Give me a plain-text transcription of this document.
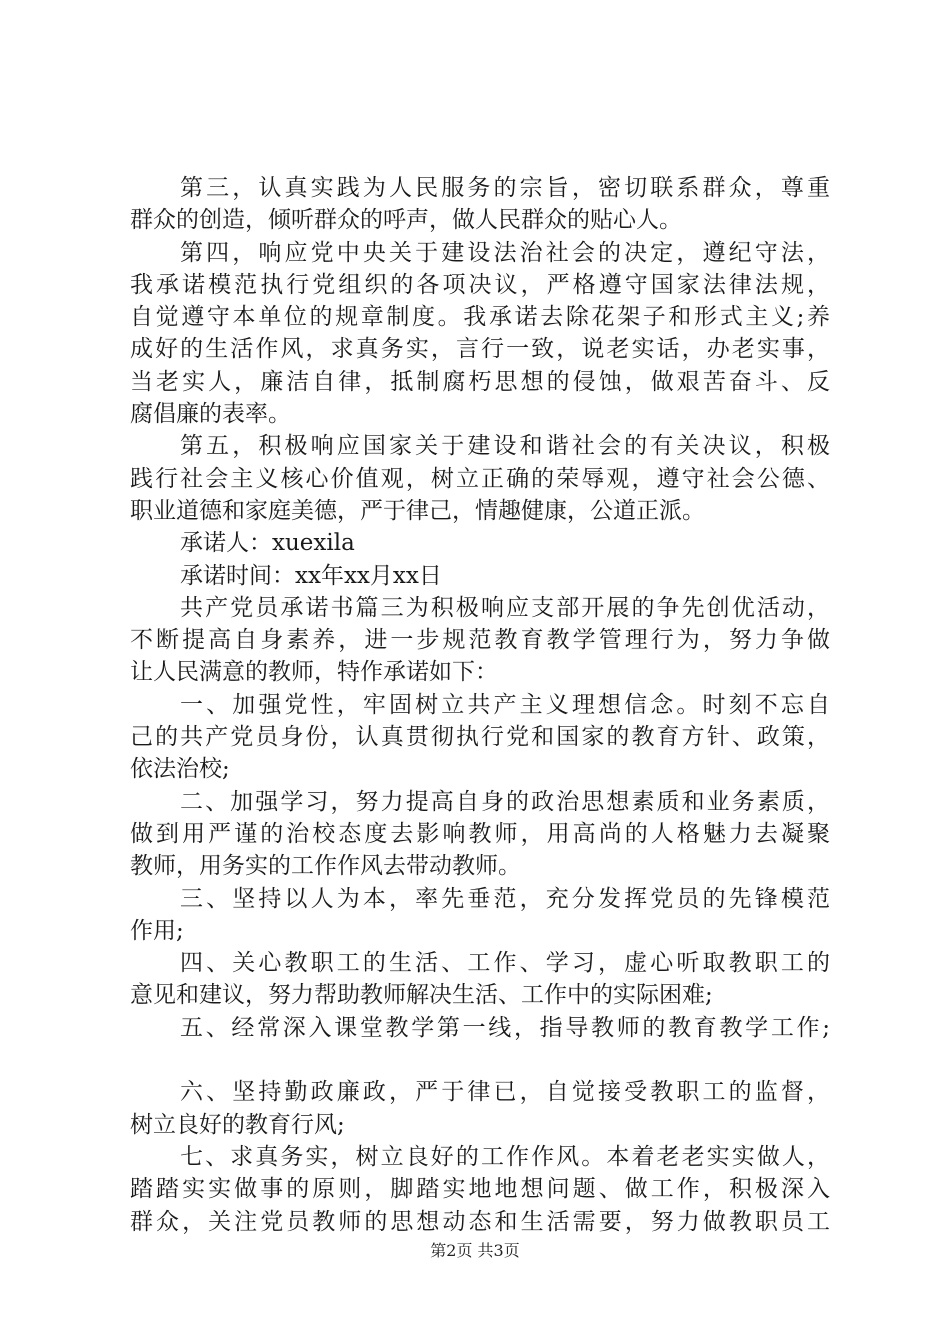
第三，认真实践为人民服务的宗旨，密切联系群众，尊重
群众的创造，倾听群众的呼声，做人民群众的贴心人。
第四，响应党中央关于建设法治社会的决定，遵纪守法，
我承诺模范执行党组织的各项决议，严格遵守国家法律法规，
自觉遵守本单位的规章制度。我承诺去除花架子和形式主义;养
成好的生活作风，求真务实，言行一致，说老实话，办老实事，
当老实人，廉洁自律，抵制腐朽思想的侵蚀，做艰苦奋斗、反
腐倡廉的表率。
第五，积极响应国家关于建设和谐社会的有关决议，积极
践行社会主义核心价值观，树立正确的荣辱观，遵守社会公德、
职业道德和家庭美德，严于律己，情趣健康，公道正派。
承诺人：xuexila
承诺时间：xx年xx月xx日
共产党员承诺书篇三为积极响应支部开展的争先创优活动，
不断提高自身素养，进一步规范教育教学管理行为，努力争做
让人民满意的教师，特作承诺如下：
一、加强党性，牢固树立共产主义理想信念。时刻不忘自
己的共产党员身份，认真贯彻执行党和国家的教育方针、政策，
依法治校;
二、加强学习，努力提高自身的政治思想素质和业务素质，
做到用严谨的治校态度去影响教师，用高尚的人格魅力去凝聚
教师，用务实的工作作风去带动教师。
三、坚持以人为本，率先垂范，充分发挥党员的先锋模范
作用;
四、关心教职工的生活、工作、学习，虚心听取教职工的
意见和建议，努力帮助教师解决生活、工作中的实际困难;
五、经常深入课堂教学第一线，指导教师的教育教学工作;
六、坚持勤政廉政，严于律已，自觉接受教职工的监督，
树立良好的教育行风;
七、求真务实，树立良好的工作作风。本着老老实实做人，
踏踏实实做事的原则，脚踏实地地想问题、做工作，积极深入
群众，关注党员教师的思想动态和生活需要，努力做教职员工
第2页 共3页
